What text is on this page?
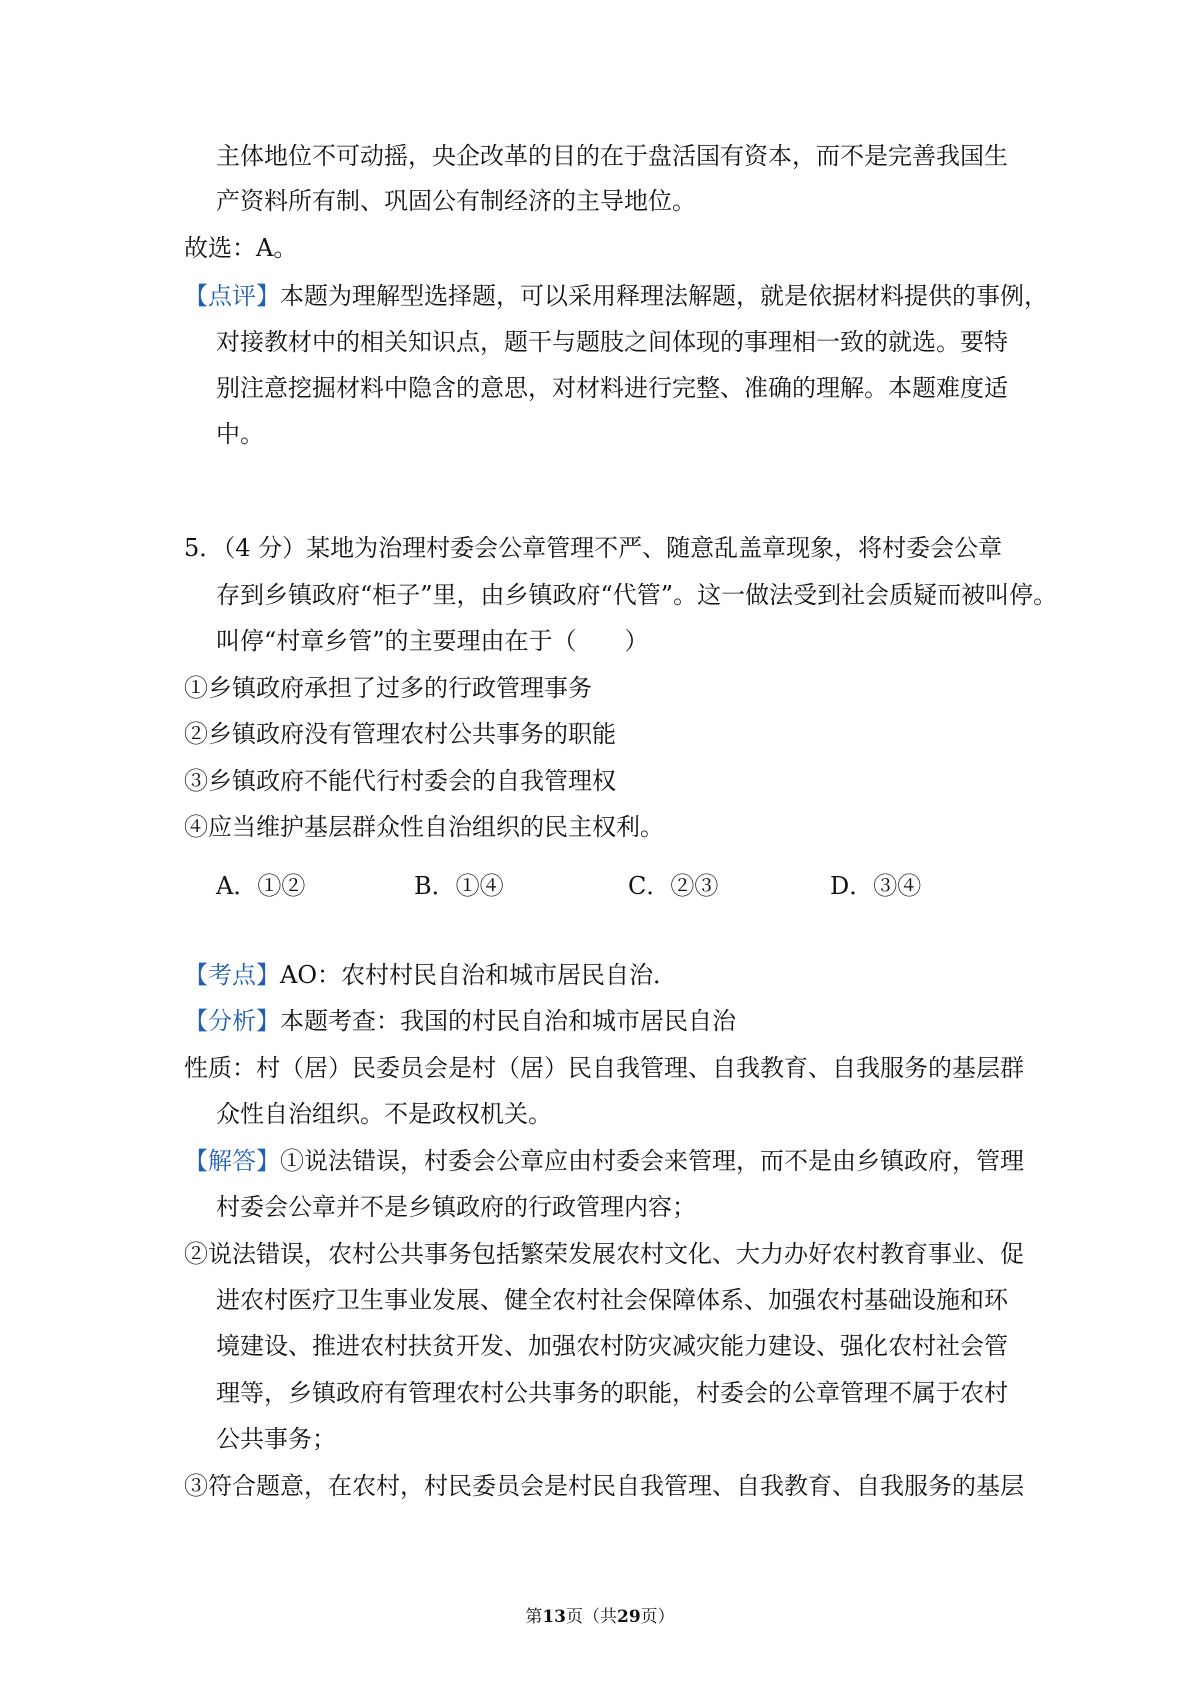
主体地位不可动摇，央企改革的目的在于盘活国有资本，而不是完善我国生
产资料所有制、巩固公有制经济的主导地位。
故选：A。
【点评】本题为理解型选择题，可以采用释理法解题，就是依据材料提供的事例，
对接教材中的相关知识点，题干与题肢之间体现的事理相一致的就选。要特
别注意挖掘材料中隐含的意思，对材料进行完整、准确的理解。本题难度适
中。
5．（4 分）某地为治理村委会公章管理不严、随意乱盖章现象，将村委会公章
存到乡镇政府“柜子”里，由乡镇政府“代管”。这一做法受到社会质疑而被叫停。
叫停“村章乡管”的主要理由在于（　　）
①乡镇政府承担了过多的行政管理事务
②乡镇政府没有管理农村公共事务的职能
③乡镇政府不能代行村委会的自我管理权
④应当维护基层群众性自治组织的民主权利。
A．①②	B．①④	C．②③	D．③④
【考点】AO：农村村民自治和城市居民自治．
【分析】本题考查：我国的村民自治和城市居民自治
性质：村（居）民委员会是村（居）民自我管理、自我教育、自我服务的基层群
众性自治组织。不是政权机关。
【解答】①说法错误，村委会公章应由村委会来管理，而不是由乡镇政府，管理
村委会公章并不是乡镇政府的行政管理内容；
②说法错误，农村公共事务包括繁荣发展农村文化、大力办好农村教育事业、促
进农村医疗卫生事业发展、健全农村社会保障体系、加强农村基础设施和环
境建设、推进农村扶贫开发、加强农村防灾减灾能力建设、强化农村社会管
理等，乡镇政府有管理农村公共事务的职能，村委会的公章管理不属于农村
公共事务；
③符合题意，在农村，村民委员会是村民自我管理、自我教育、自我服务的基层
第13页（共29页）
